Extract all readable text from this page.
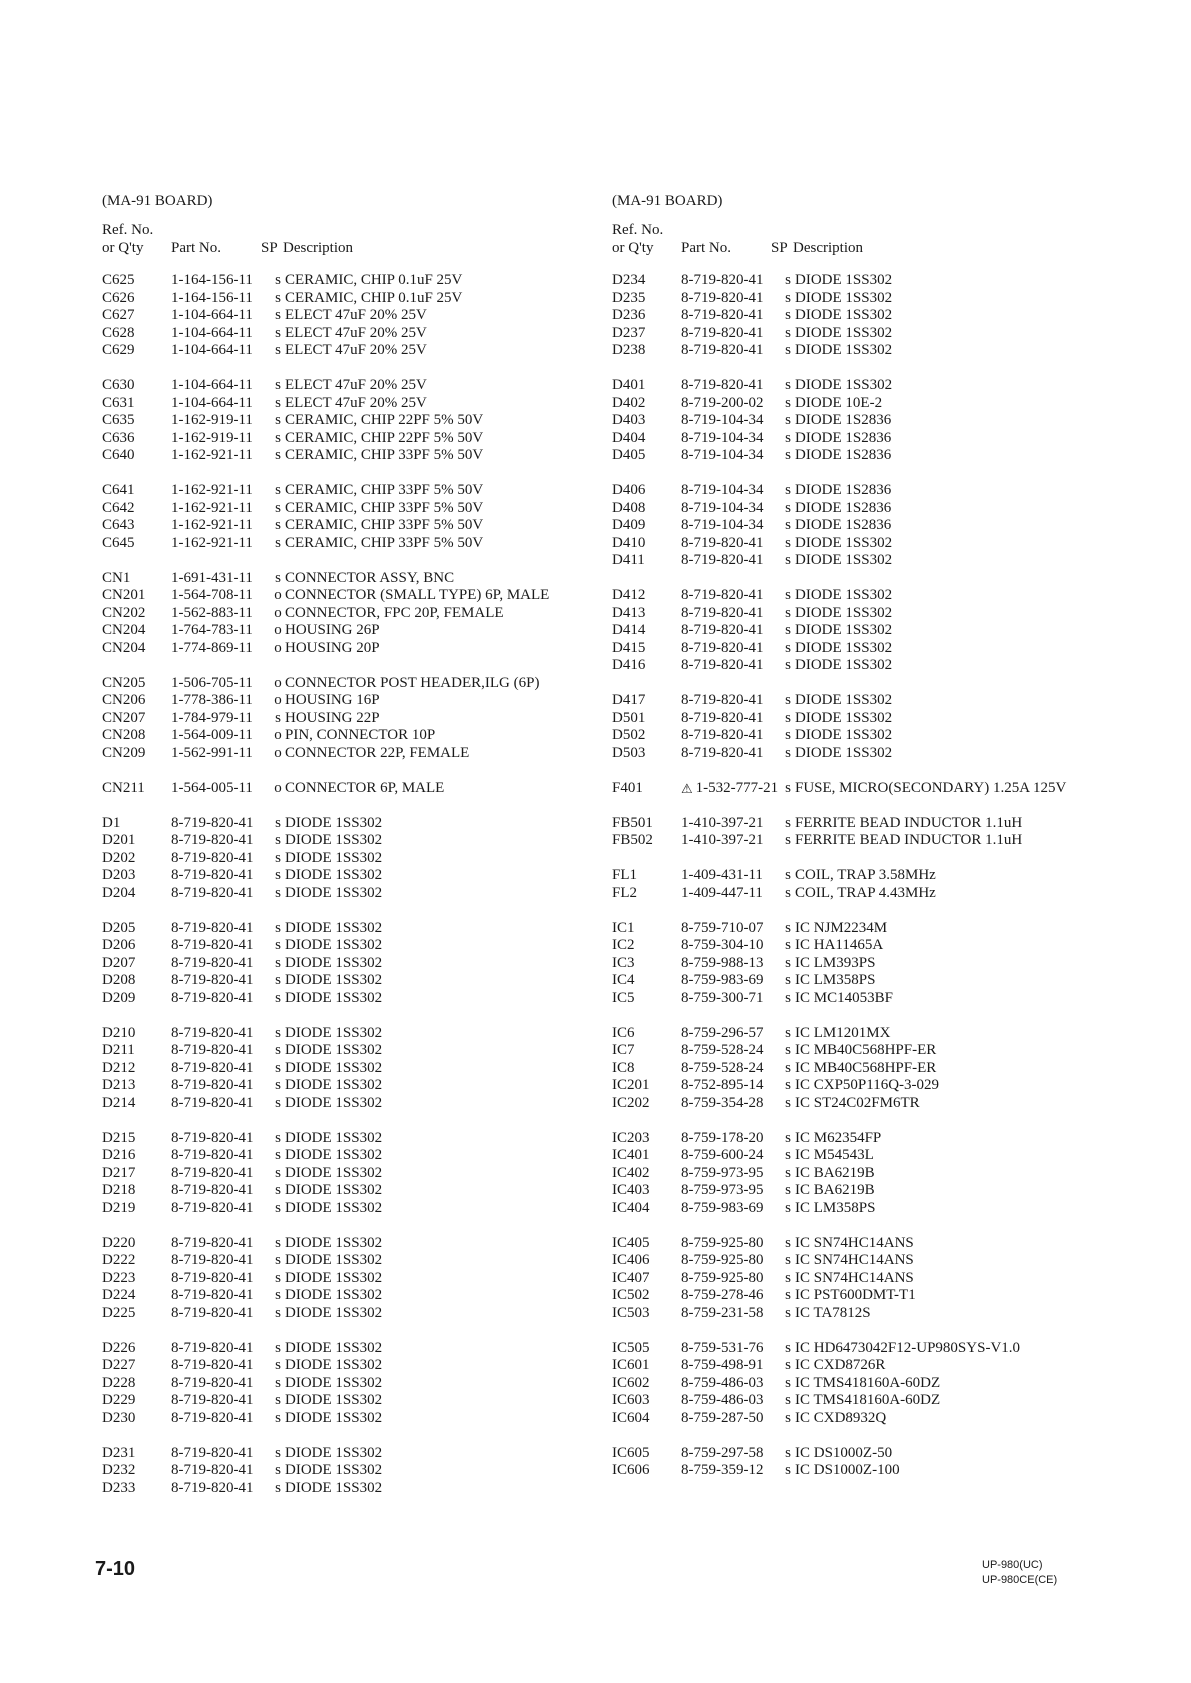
(MA-91 BOARD)
Ref. No.
or Q'ty	Part No.	SP Description
C625	1-164-156-11 s CERAMIC, CHIP 0.1uF 25V
C626	1-164-156-11 s CERAMIC, CHIP 0.1uF 25V
C627	1-104-664-11 s ELECT 47uF 20% 25V
C628	1-104-664-11 s ELECT 47uF 20% 25V
C629	1-104-664-11 s ELECT 47uF 20% 25V
C630	1-104-664-11 s ELECT 47uF 20% 25V
C631	1-104-664-11 s ELECT 47uF 20% 25V
C635	1-162-919-11 s CERAMIC, CHIP 22PF 5% 50V
C636	1-162-919-11 s CERAMIC, CHIP 22PF 5% 50V
C640	1-162-921-11 s CERAMIC, CHIP 33PF 5% 50V
C641	1-162-921-11 s CERAMIC, CHIP 33PF 5% 50V
C642	1-162-921-11 s CERAMIC, CHIP 33PF 5% 50V
C643	1-162-921-11 s CERAMIC, CHIP 33PF 5% 50V
C645	1-162-921-11 s CERAMIC, CHIP 33PF 5% 50V
CN1	1-691-431-11 s CONNECTOR ASSY, BNC
CN201	1-564-708-11 o CONNECTOR (SMALL TYPE) 6P, MALE
CN202	1-562-883-11 o CONNECTOR, FPC 20P, FEMALE
CN204	1-764-783-11 o HOUSING 26P
CN204	1-774-869-11 o HOUSING 20P
CN205	1-506-705-11 o CONNECTOR POST HEADER,ILG (6P)
CN206	1-778-386-11 o HOUSING 16P
CN207	1-784-979-11 s HOUSING 22P
CN208	1-564-009-11 o PIN, CONNECTOR 10P
CN209	1-562-991-11 o CONNECTOR 22P, FEMALE
CN211	1-564-005-11 o CONNECTOR 6P, MALE
D1	8-719-820-41 s DIODE 1SS302
D201	8-719-820-41 s DIODE 1SS302
D202	8-719-820-41 s DIODE 1SS302
D203	8-719-820-41 s DIODE 1SS302
D204	8-719-820-41 s DIODE 1SS302
D205	8-719-820-41 s DIODE 1SS302
D206	8-719-820-41 s DIODE 1SS302
D207	8-719-820-41 s DIODE 1SS302
D208	8-719-820-41 s DIODE 1SS302
D209	8-719-820-41 s DIODE 1SS302
D210	8-719-820-41 s DIODE 1SS302
D211	8-719-820-41 s DIODE 1SS302
D212	8-719-820-41 s DIODE 1SS302
D213	8-719-820-41 s DIODE 1SS302
D214	8-719-820-41 s DIODE 1SS302
D215	8-719-820-41 s DIODE 1SS302
D216	8-719-820-41 s DIODE 1SS302
D217	8-719-820-41 s DIODE 1SS302
D218	8-719-820-41 s DIODE 1SS302
D219	8-719-820-41 s DIODE 1SS302
D220	8-719-820-41 s DIODE 1SS302
D222	8-719-820-41 s DIODE 1SS302
D223	8-719-820-41 s DIODE 1SS302
D224	8-719-820-41 s DIODE 1SS302
D225	8-719-820-41 s DIODE 1SS302
D226	8-719-820-41 s DIODE 1SS302
D227	8-719-820-41 s DIODE 1SS302
D228	8-719-820-41 s DIODE 1SS302
D229	8-719-820-41 s DIODE 1SS302
D230	8-719-820-41 s DIODE 1SS302
D231	8-719-820-41 s DIODE 1SS302
D232	8-719-820-41 s DIODE 1SS302
D233	8-719-820-41 s DIODE 1SS302
(MA-91 BOARD)
Ref. No.
or Q'ty	Part No.	SP Description
D234	8-719-820-41 s DIODE 1SS302
D235	8-719-820-41 s DIODE 1SS302
D236	8-719-820-41 s DIODE 1SS302
D237	8-719-820-41 s DIODE 1SS302
D238	8-719-820-41 s DIODE 1SS302
D401	8-719-820-41 s DIODE 1SS302
D402	8-719-200-02 s DIODE 10E-2
D403	8-719-104-34 s DIODE 1S2836
D404	8-719-104-34 s DIODE 1S2836
D405	8-719-104-34 s DIODE 1S2836
D406	8-719-104-34 s DIODE 1S2836
D408	8-719-104-34 s DIODE 1S2836
D409	8-719-104-34 s DIODE 1S2836
D410	8-719-820-41 s DIODE 1SS302
D411	8-719-820-41 s DIODE 1SS302
D412	8-719-820-41 s DIODE 1SS302
D413	8-719-820-41 s DIODE 1SS302
D414	8-719-820-41 s DIODE 1SS302
D415	8-719-820-41 s DIODE 1SS302
D416	8-719-820-41 s DIODE 1SS302
D417	8-719-820-41 s DIODE 1SS302
D501	8-719-820-41 s DIODE 1SS302
D502	8-719-820-41 s DIODE 1SS302
D503	8-719-820-41 s DIODE 1SS302
F401	⚠ 1-532-777-21 s FUSE, MICRO(SECONDARY) 1.25A 125V
FB501	1-410-397-21 s FERRITE BEAD INDUCTOR 1.1uH
FB502	1-410-397-21 s FERRITE BEAD INDUCTOR 1.1uH
FL1	1-409-431-11 s COIL, TRAP 3.58MHz
FL2	1-409-447-11 s COIL, TRAP 4.43MHz
IC1	8-759-710-07 s IC NJM2234M
IC2	8-759-304-10 s IC HA11465A
IC3	8-759-988-13 s IC LM393PS
IC4	8-759-983-69 s IC LM358PS
IC5	8-759-300-71 s IC MC14053BF
IC6	8-759-296-57 s IC LM1201MX
IC7	8-759-528-24 s IC MB40C568HPF-ER
IC8	8-759-528-24 s IC MB40C568HPF-ER
IC201	8-752-895-14 s IC CXP50P116Q-3-029
IC202	8-759-354-28 s IC ST24C02FM6TR
IC203	8-759-178-20 s IC M62354FP
IC401	8-759-600-24 s IC M54543L
IC402	8-759-973-95 s IC BA6219B
IC403	8-759-973-95 s IC BA6219B
IC404	8-759-983-69 s IC LM358PS
IC405	8-759-925-80 s IC SN74HC14ANS
IC406	8-759-925-80 s IC SN74HC14ANS
IC407	8-759-925-80 s IC SN74HC14ANS
IC502	8-759-278-46 s IC PST600DMT-T1
IC503	8-759-231-58 s IC TA7812S
IC505	8-759-531-76 s IC HD6473042F12-UP980SYS-V1.0
IC601	8-759-498-91 s IC CXD8726R
IC602	8-759-486-03 s IC TMS418160A-60DZ
IC603	8-759-486-03 s IC TMS418160A-60DZ
IC604	8-759-287-50 s IC CXD8932Q
IC605	8-759-297-58 s IC DS1000Z-50
IC606	8-759-359-12 s IC DS1000Z-100
7-10	UP-980(UC)
UP-980CE(CE)
